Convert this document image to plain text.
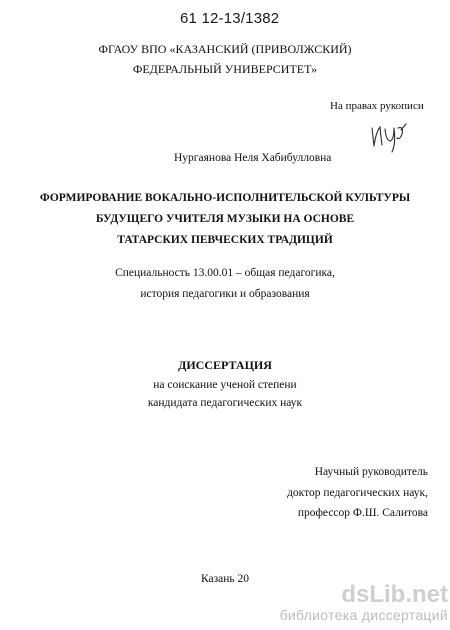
61 12-13/1382
ФГАОУ ВПО «КАЗАНСКИЙ (ПРИВОЛЖСКИЙ)
ФЕДЕРАЛЬНЫЙ УНИВЕРСИТЕТ»
На правах рукописи
Нургаянова Неля Хабибулловна
ФОРМИРОВАНИЕ ВОКАЛЬНО-ИСПОЛНИТЕЛЬСКОЙ КУЛЬТУРЫ
БУДУЩЕГО УЧИТЕЛЯ МУЗЫКИ НА ОСНОВЕ
ТАТАРСКИХ ПЕВЧЕСКИХ ТРАДИЦИЙ
Специальность 13.00.01 – общая педагогика,
история педагогики и образования
ДИССЕРТАЦИЯ
на соискание ученой степени
кандидата педагогических наук
Научный руководитель
доктор педагогических наук,
профессор Ф.Ш. Салитова
Казань 20
dsLib.net
библиотека диссертаций
